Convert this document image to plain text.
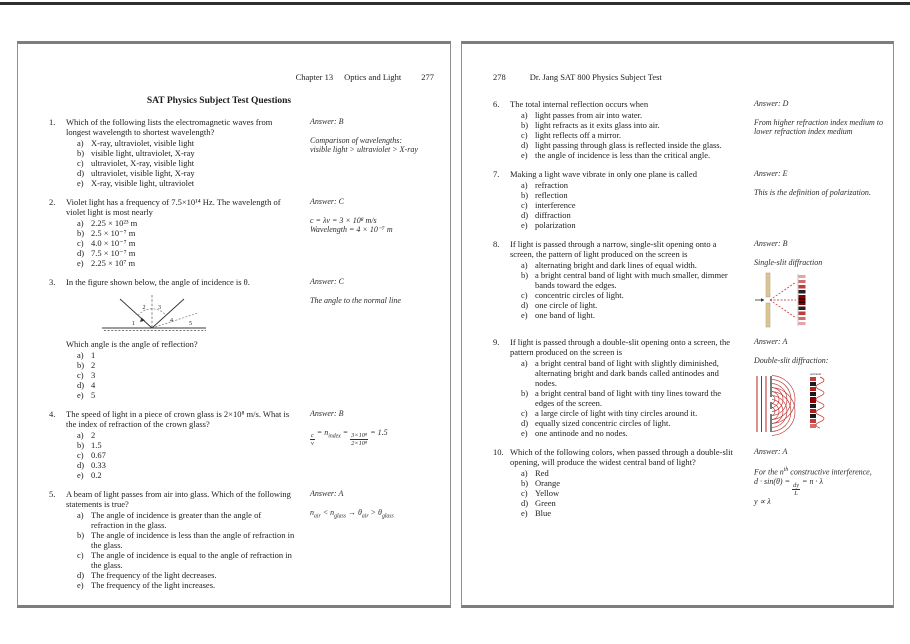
Chapter 13 Optics and Light 277
SAT Physics Subject Test Questions
1.	Which of the following lists the electromagnetic waves from longest wavelength to shortest wavelength?
X-ray, ultraviolet, visible light
visible light, ultraviolet, X-ray
ultraviolet, X-ray, visible light
ultraviolet, visible light, X-ray
X-ray, visible light, ultraviolet
Answer: B
Comparison of wavelengths:
visible light > ultraviolet > X-ray
2.	Violet light has a frequency of 7.5×10¹⁴ Hz. The wavelength of violet light is most nearly
2.25 × 10²³ m
2.5 × 10⁻⁷ m
4.0 × 10⁻⁷ m
7.5 × 10⁻⁷ m
2.25 × 10⁷ m
Answer: C
c = λν = 3 × 10⁸ m/s
Wavelength = 4 × 10⁻⁷ m
3.	In the figure shown below, the angle of incidence is θ.
1
2 3
4	5
Which angle is the angle of reflection?
1
2
3
4
5
Answer: C
The angle to the normal line
4.	The speed of light in a piece of crown glass is 2×10⁸ m/s. What is the index of refraction of the crown glass?
2
1.5
0.67
0.33
0.2
Answer: B
$\frac{c}{v}$
= $n_{index}$ =
$\frac{\text{3×10⁸}}{\text{2×10⁸}}$
= 1.5
5.	A beam of light passes from air into glass. Which of the following statements is true?
The angle of incidence is greater than the angle of refraction in the glass.
The angle of incidence is less than the angle of refraction in the glass.
The angle of incidence is equal to the angle of refraction in the glass.
The frequency of the light decreases.
The frequency of the light increases.
Answer: A
$n_{air} < n_{glass} \to \theta_{air} > \theta_{glass}$
278	Dr. Jang SAT 800 Physics Subject Test
6.	The total internal reflection occurs when
light passes from air into water.
light refracts as it exits glass into air.
light reflects off a mirror.
light passing through glass is reflected inside the glass.
the angle of incidence is less than the critical angle.
Answer: D
From higher refraction index medium to lower refraction index medium
7.	Making a light wave vibrate in only one plane is called
refraction
reflection
interference
diffraction
polarization
Answer: E
This is the definition of polarization.
8.	If light is passed through a narrow, single-slit opening onto a screen, the pattern of light produced on the screen is
alternating bright and dark lines of equal width.
a bright central band of light with much smaller, dimmer bands toward the edges.
concentric circles of light.
one circle of light.
one band of light.
Answer: B
Single-slit diffraction
9.	If light is passed through a double-slit opening onto a screen, the pattern produced on the screen is
a bright central band of light with slightly diminished, alternating bright and dark bands called antinodes and nodes.
a bright central band of light with tiny lines toward the edges of the screen.
a large circle of light with tiny circles around it.
equally sized concentric circles of light.
one antinode and no nodes.
Answer: A
Double-slit diffraction:
antinode
10. Which of the following colors, when passed through a double-slit opening, will produce the widest central band of light?
Red
Orange
Yellow
Green
Blue
Answer: A
For the $n^{th}$ constructive interference,
d · sin(θ) =
$\frac{dy}{L}$
= n · λ
y ∝ λ
